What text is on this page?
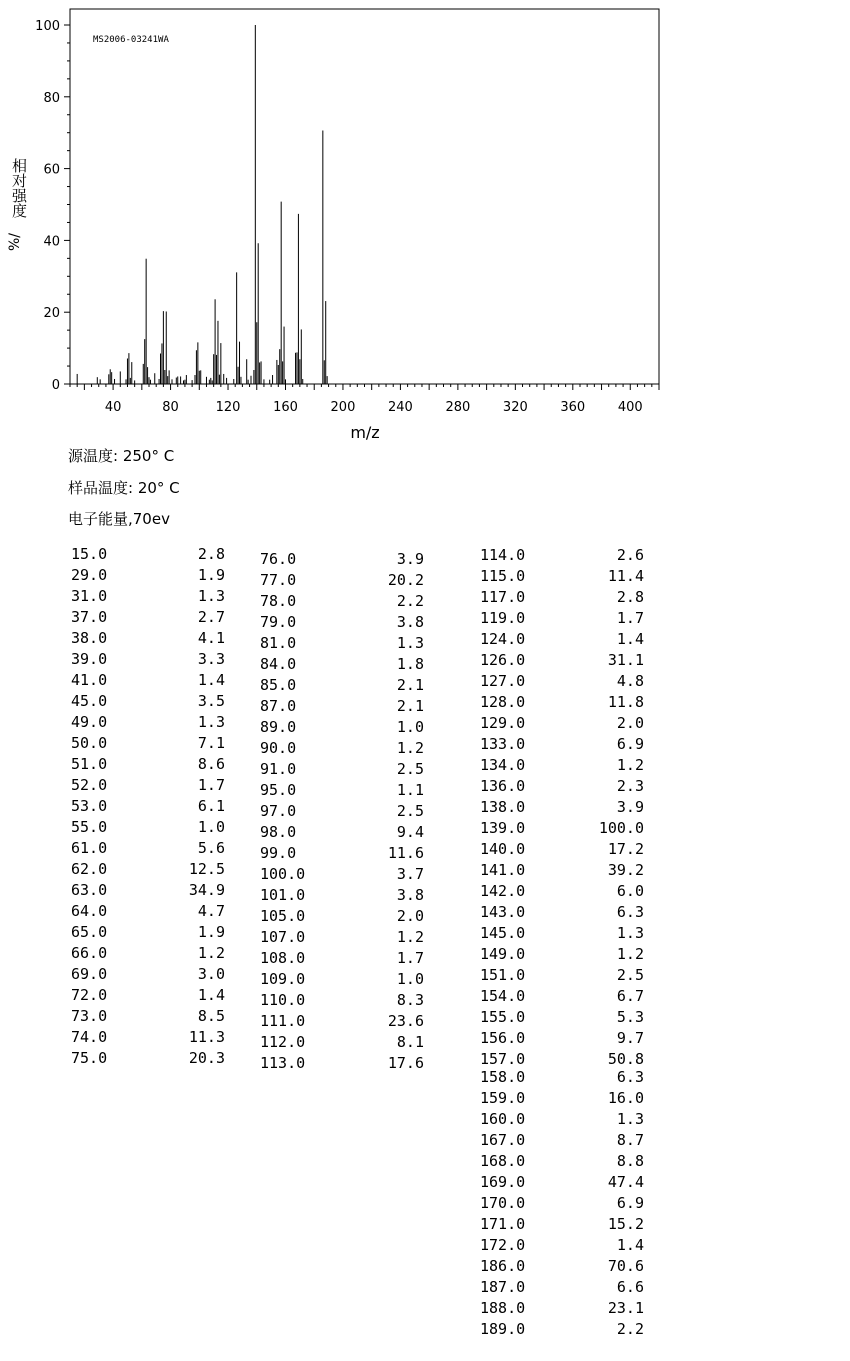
MS2006-03241WA
40	80	120	160	200	240	280	320	360	400
0
20
40
60
80
100
m/z
相对强度
%/
源温度: 250° C
样品温度: 20° C
电子能量,70ev
15.0	2.8
29.0	1.9
31.0	1.3
37.0	2.7
38.0	4.1
39.0	3.3
41.0	1.4
45.0	3.5
49.0	1.3
50.0	7.1
51.0	8.6
52.0	1.7
53.0	6.1
55.0	1.0
61.0	5.6
62.0	12.5
63.0	34.9
64.0	4.7
65.0	1.9
66.0	1.2
69.0	3.0
72.0	1.4
73.0	8.5
74.0	11.3
75.0	20.3
76.0	3.9
77.0	20.2
78.0	2.2
79.0	3.8
81.0	1.3
84.0	1.8
85.0	2.1
87.0	2.1
89.0	1.0
90.0	1.2
91.0	2.5
95.0	1.1
97.0	2.5
98.0	9.4
99.0	11.6
100.0	3.7
101.0	3.8
105.0	2.0
107.0	1.2
108.0	1.7
109.0	1.0
110.0	8.3
111.0	23.6
112.0	8.1
113.0	17.6
114.0	2.6
115.0	11.4
117.0	2.8
119.0	1.7
124.0	1.4
126.0	31.1
127.0	4.8
128.0	11.8
129.0	2.0
133.0	6.9
134.0	1.2
136.0	2.3
138.0	3.9
139.0	100.0
140.0	17.2
141.0	39.2
142.0	6.0
143.0	6.3
145.0	1.3
149.0	1.2
151.0	2.5
154.0	6.7
155.0	5.3
156.0	9.7
157.0	50.8
158.0	6.3
159.0	16.0
160.0	1.3
167.0	8.7
168.0	8.8
169.0	47.4
170.0	6.9
171.0	15.2
172.0	1.4
186.0	70.6
187.0	6.6
188.0	23.1
189.0	2.2
